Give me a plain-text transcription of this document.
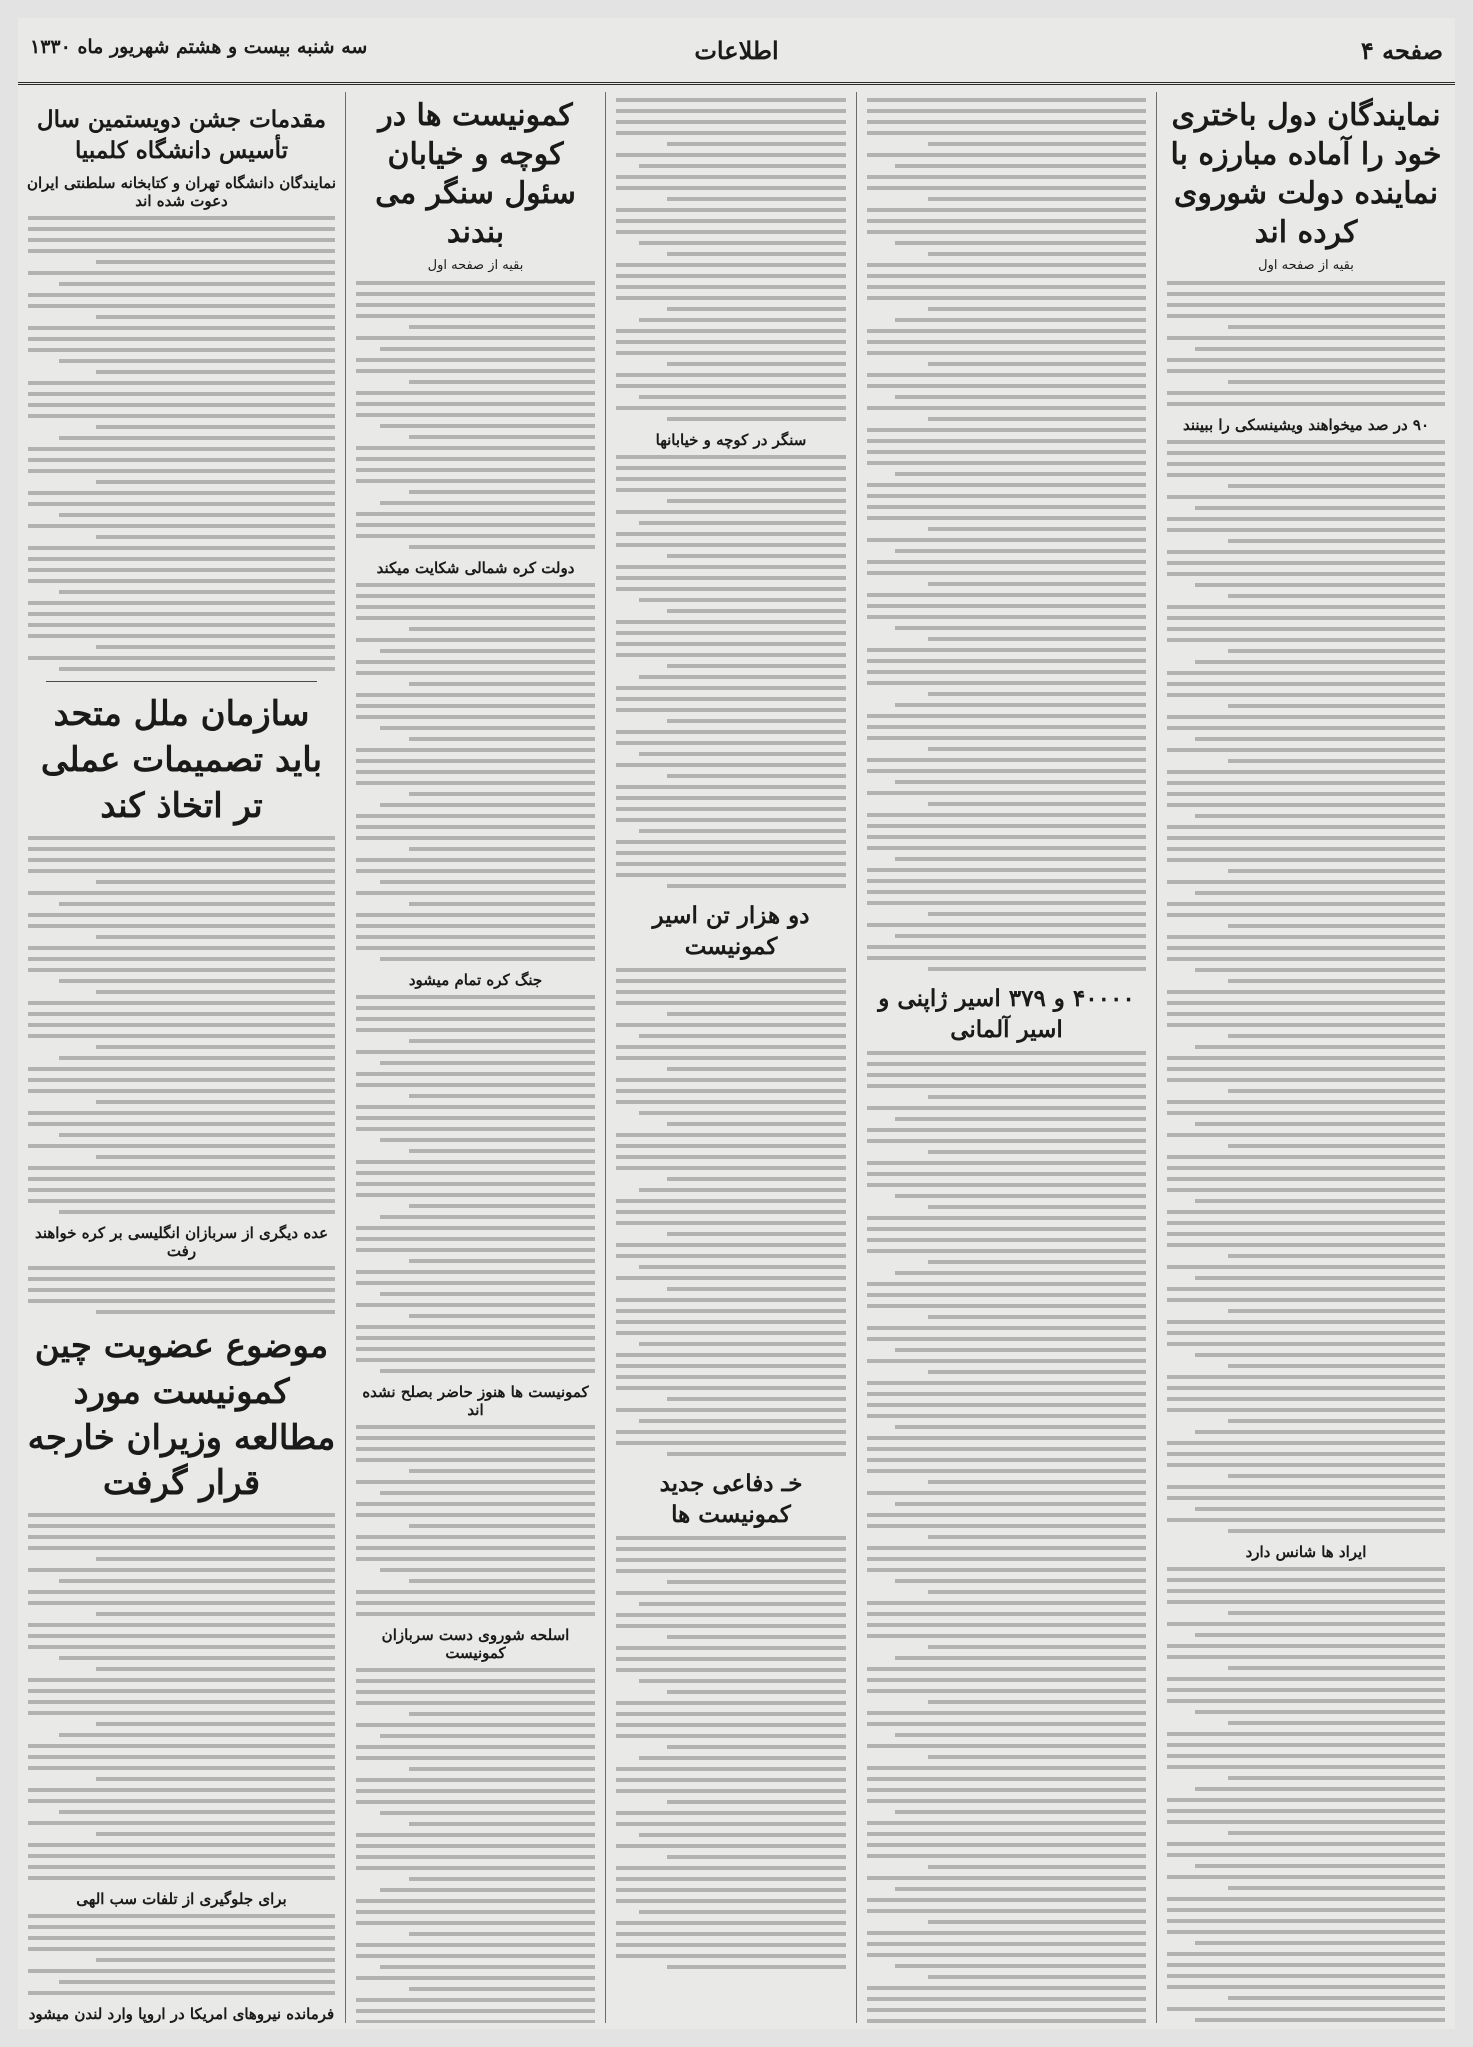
صفحه ۴
اطلاعات
سه شنبه بیست و هشتم شهریور ماه ۱۳۳۰
نمایندگان دول باختری خود را آماده مبارزه با نماینده دولت شوروی کرده اند
بقیه از صفحه اول
۹۰ در صد میخواهند ویشینسکی را ببینند
ایراد ها شانس دارد
۴۰۰۰۰ و ۳۷۹ اسیر ژاپنی و
اسیر آلمانی
سنگر در کوچه و خیابانها
دو هزار تن اسیر کمونیست
خـ دفاعی جدید کمونیست ها
کمونیست ها در کوچه و خیابان سئول سنگر می بندند
بقیه از صفحه اول
دولت کره شمالی شکایت میکند
جنگ کره تمام میشود
کمونیست ها هنوز حاضر بصلح نشده اند
اسلحه شوروی دست سربازان کمونیست
مقدمات جشن دویستمین سال تأسیس دانشگاه کلمبیا
نمایندگان دانشگاه تهران و کتابخانه سلطنتی ایران دعوت شده اند
سازمان ملل متحد باید تصمیمات عملی تر اتخاذ کند
عده دیگری از سربازان انگلیسی بر کره خواهند رفت
موضوع عضویت چین کمونیست مورد مطالعه وزیران خارجه قرار گرفت
برای جلوگیری از تلفات سب الهی
فرمانده نیروهای امریکا در اروپا وارد لندن میشود
